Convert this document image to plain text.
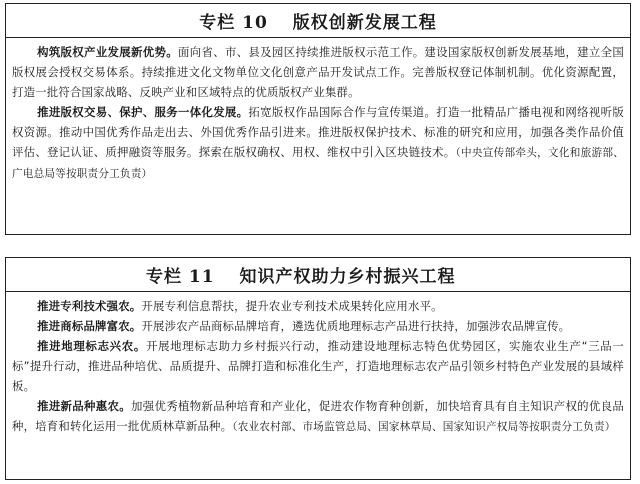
专栏 10　 版权创新发展工程

构筑版权产业发展新优势。面向省、市、县及园区持续推进版权示范工作。建设国家版权创新发展基地，建立全国版权展会授权交易体系。持续推进文化文物单位文化创意产品开发试点工作。完善版权登记体制机制。优化资源配置，打造一批符合国家战略、反映产业和区域特点的优质版权产业集群。

推进版权交易、保护、服务一体化发展。拓宽版权作品国际合作与宣传渠道。打造一批精品广播电视和网络视听版权资源。推动中国优秀作品走出去、外国优秀作品引进来。推进版权保护技术、标准的研究和应用，加强各类作品价值评估、登记认证、质押融资等服务。探索在版权确权、用权、维权中引入区块链技术。（中央宣传部牵头，文化和旅游部、广电总局等按职责分工负责）

专栏 11　 知识产权助力乡村振兴工程

推进专利技术强农。开展专利信息帮扶，提升农业专利技术成果转化应用水平。

推进商标品牌富农。开展涉农产品商标品牌培育，遴选优质地理标志产品进行扶持，加强涉农品牌宣传。

推进地理标志兴农。开展地理标志助力乡村振兴行动，推动建设地理标志特色优势园区，实施农业生产“三品一标”提升行动，推进品种培优、品质提升、品牌打造和标准化生产，打造地理标志农产品引领乡村特色产业发展的县域样板。

推进新品种惠农。加强优秀植物新品种培育和产业化，促进农作物育种创新，加快培育具有自主知识产权的优良品种，培育和转化运用一批优质林草新品种。（农业农村部、市场监管总局、国家林草局、国家知识产权局等按职责分工负责）
